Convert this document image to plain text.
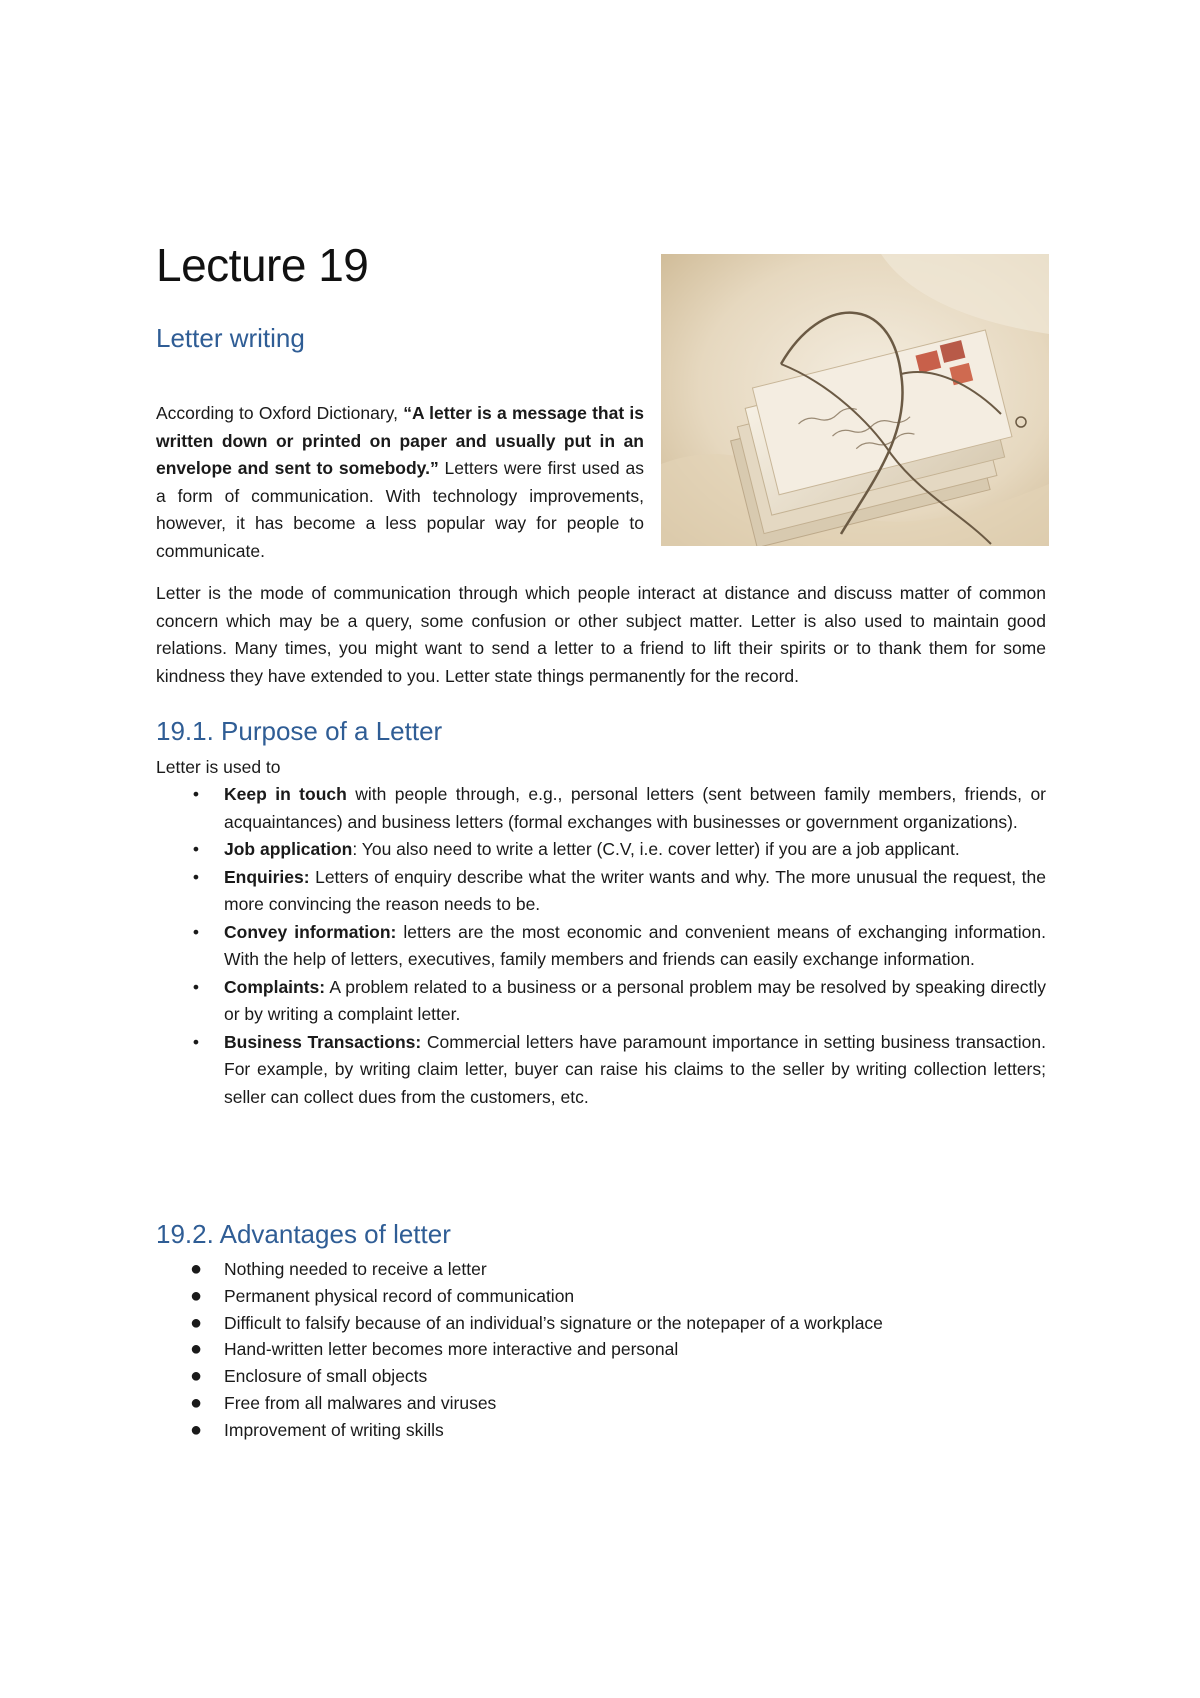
Lecture 19
Letter writing

According to Oxford Dictionary, “A letter is a message that is written down or printed on paper and usually put in an envelope and sent to somebody.” Letters were first used as a form of communication. With technology improvements, however, it has become a less popular way for people to communicate.

Letter is the mode of communication through which people interact at distance and discuss matter of common concern which may be a query, some confusion or other subject matter. Letter is also used to maintain good relations. Many times, you might want to send a letter to a friend to lift their spirits or to thank them for some kindness they have extended to you. Letter state things permanently for the record.

19.1. Purpose of a Letter

Letter is used to

•	Keep in touch with people through, e.g., personal letters (sent between family members, friends, or acquaintances) and business letters (formal exchanges with businesses or government organizations).
•	Job application: You also need to write a letter (C.V, i.e. cover letter) if you are a job applicant.
•	Enquiries: Letters of enquiry describe what the writer wants and why. The more unusual the request, the more convincing the reason needs to be.
•	Convey information: letters are the most economic and convenient means of exchanging information. With the help of letters, executives, family members and friends can easily exchange information.
•	Complaints: A problem related to a business or a personal problem may be resolved by speaking directly or by writing a complaint letter.
•	Business Transactions: Commercial letters have paramount importance in setting business transaction. For example, by writing claim letter, buyer can raise his claims to the seller by writing collection letters; seller can collect dues from the customers, etc.
19.2. Advantages of letter
● Nothing needed to receive a letter
● Permanent physical record of communication
● Difficult to falsify because of an individual’s signature or the notepaper of a workplace
● Hand-written letter becomes more interactive and personal
● Enclosure of small objects
● Free from all malwares and viruses
● Improvement of writing skills
